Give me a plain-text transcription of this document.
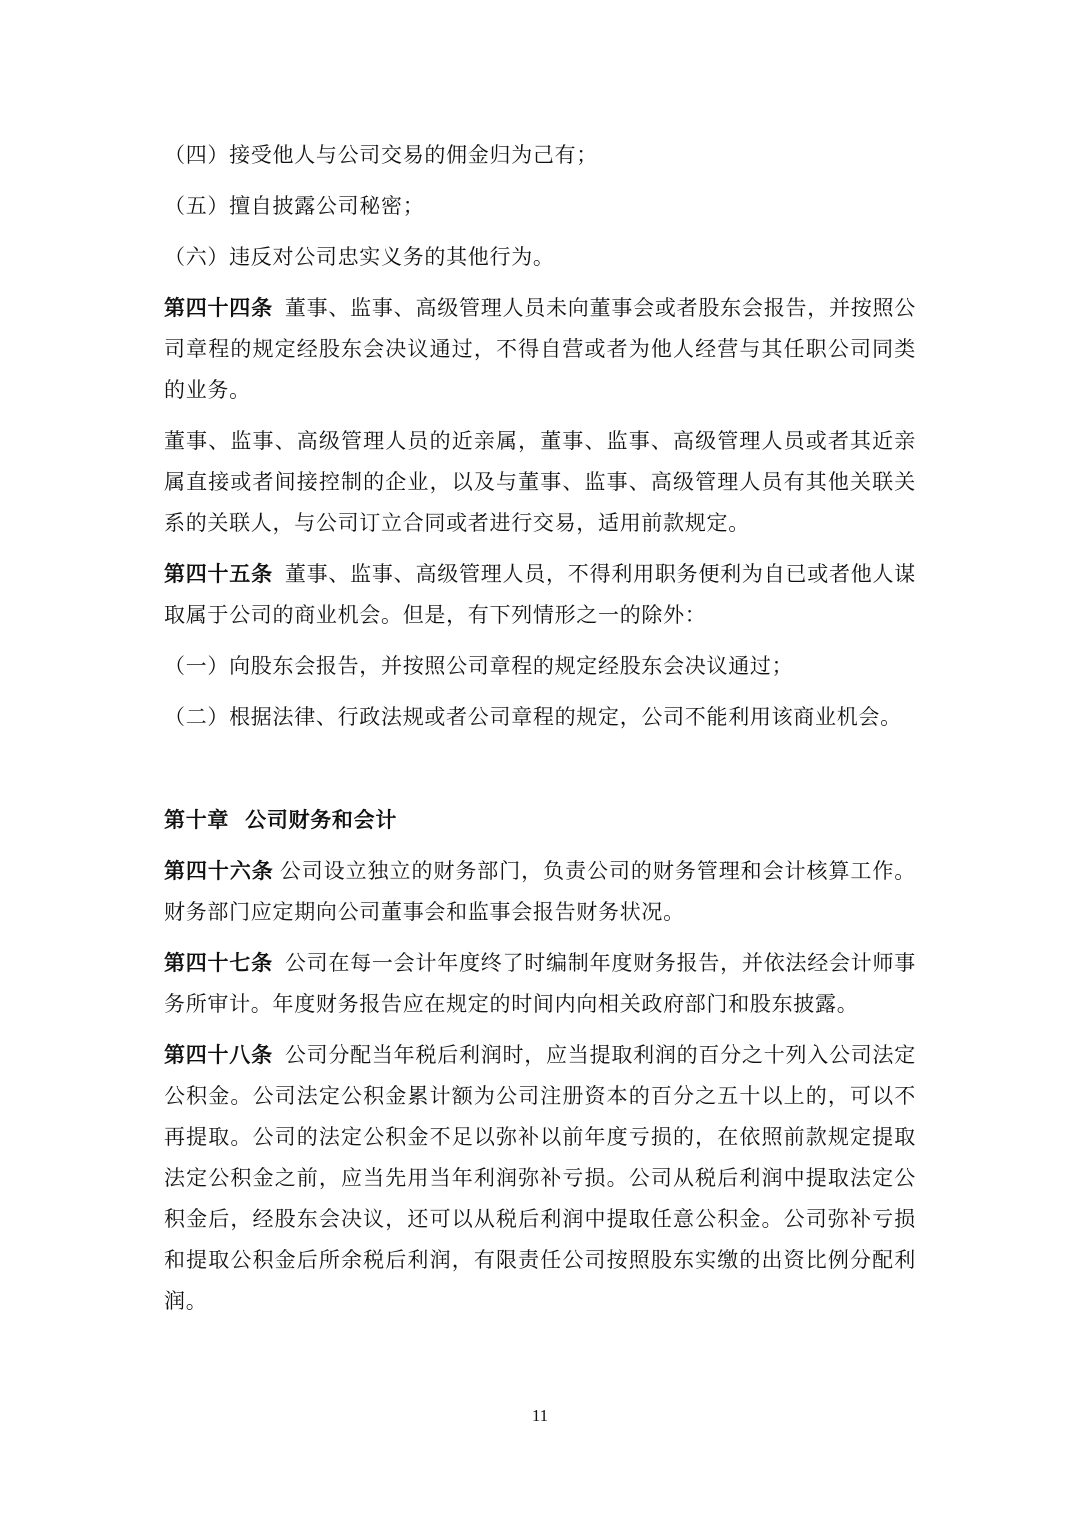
（四）接受他人与公司交易的佣金归为己有；

（五）擅自披露公司秘密；

（六）违反对公司忠实义务的其他行为。

第四十四条 董事、监事、高级管理人员未向董事会或者股东会报告，并按照公司章程的规定经股东会决议通过，不得自营或者为他人经营与其任职公司同类的业务。

董事、监事、高级管理人员的近亲属，董事、监事、高级管理人员或者其近亲属直接或者间接控制的企业，以及与董事、监事、高级管理人员有其他关联关系的关联人，与公司订立合同或者进行交易，适用前款规定。

第四十五条 董事、监事、高级管理人员，不得利用职务便利为自已或者他人谋取属于公司的商业机会。但是，有下列情形之一的除外：

（一）向股东会报告，并按照公司章程的规定经股东会决议通过；

（二）根据法律、行政法规或者公司章程的规定，公司不能利用该商业机会。

第十章  公司财务和会计

第四十六条 公司设立独立的财务部门，负责公司的财务管理和会计核算工作。财务部门应定期向公司董事会和监事会报告财务状况。

第四十七条 公司在每一会计年度终了时编制年度财务报告，并依法经会计师事务所审计。年度财务报告应在规定的时间内向相关政府部门和股东披露。

第四十八条 公司分配当年税后利润时，应当提取利润的百分之十列入公司法定公积金。公司法定公积金累计额为公司注册资本的百分之五十以上的，可以不再提取。公司的法定公积金不足以弥补以前年度亏损的，在依照前款规定提取法定公积金之前，应当先用当年利润弥补亏损。公司从税后利润中提取法定公积金后，经股东会决议，还可以从税后利润中提取任意公积金。公司弥补亏损和提取公积金后所余税后利润，有限责任公司按照股东实缴的出资比例分配利润。

11
